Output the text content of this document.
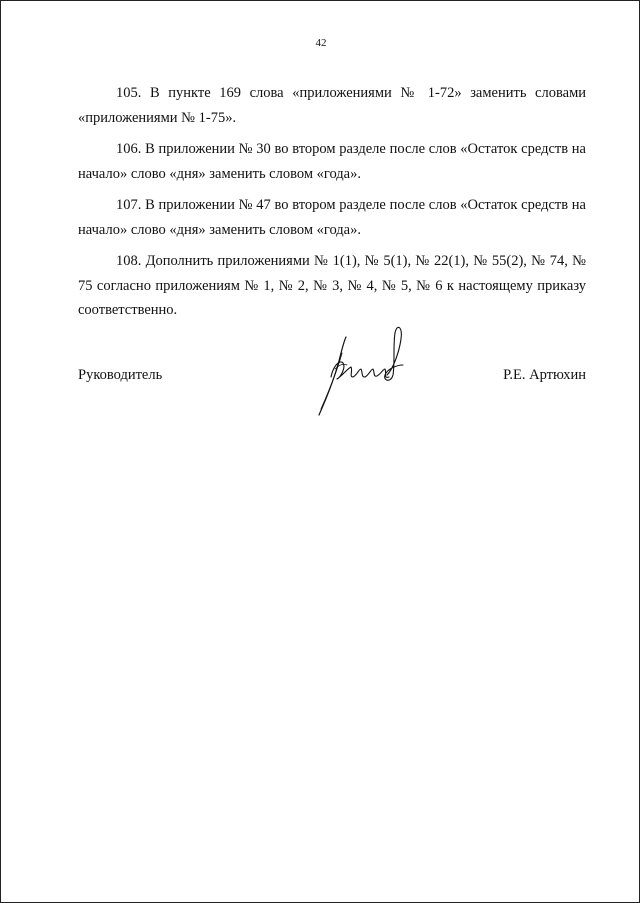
42

105. В пункте 169 слова «приложениями № 1-72» заменить словами «приложениями № 1-75».

106. В приложении № 30 во втором разделе после слов «Остаток средств на начало» слово «дня» заменить словом «года».

107. В приложении № 47 во втором разделе после слов «Остаток средств на начало» слово «дня» заменить словом «года».

108. Дополнить приложениями № 1(1), № 5(1), № 22(1), № 55(2), № 74, № 75 согласно приложениям № 1, № 2, № 3, № 4, № 5, № 6 к настоящему приказу соответственно.

Руководитель	Р.Е. Артюхин
